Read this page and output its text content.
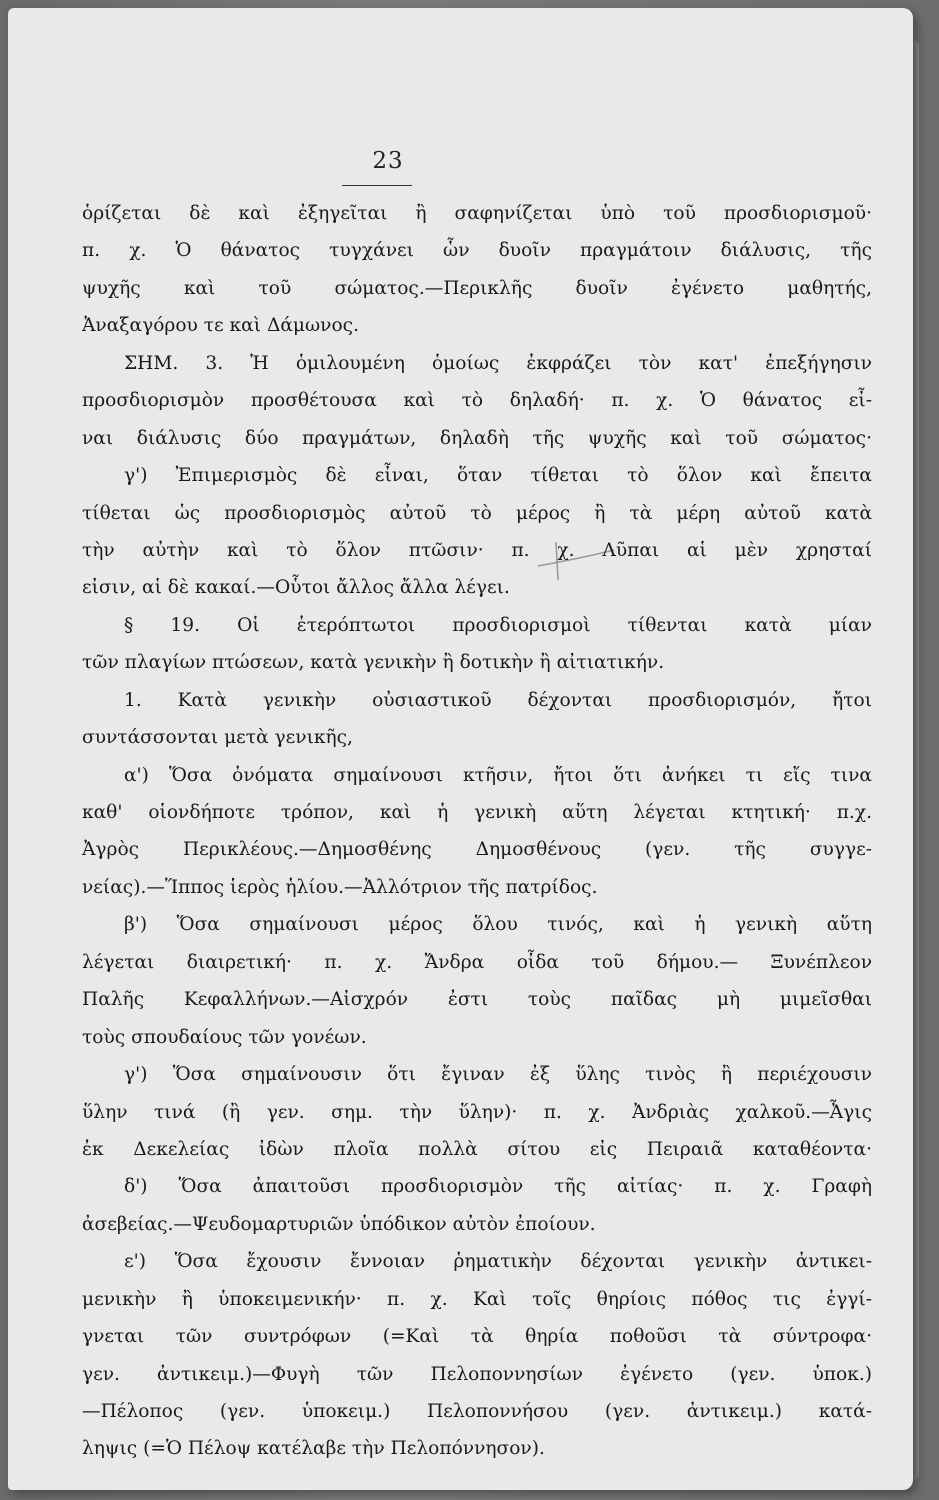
23
ὁρίζεται δὲ καὶ ἐξηγεῖται ἢ σαφηνίζεται ὑπὸ τοῦ προσδιορισμοῦ·
π. χ. Ὁ θάνατος τυγχάνει ὧν δυοῖν πραγμάτοιν διάλυσις, τῆς
ψυχῆς καὶ τοῦ σώματος.—Περικλῆς δυοῖν ἐγένετο μαθητής,
Ἀναξαγόρου τε καὶ Δάμωνος.
ΣΗΜ. 3. Ἡ ὁμιλουμένη ὁμοίως ἐκφράζει τὸν κατ' ἐπεξήγησιν
προσδιορισμὸν προσθέτουσα καὶ τὸ δηλαδή· π. χ. Ὁ θάνατος εἶ-
ναι διάλυσις δύο πραγμάτων, δηλαδὴ τῆς ψυχῆς καὶ τοῦ σώματος·
γ') Ἐπιμερισμὸς δὲ εἶναι, ὅταν τίθεται τὸ ὅλον καὶ ἔπειτα
τίθεται ὡς προσδιορισμὸς αὐτοῦ τὸ μέρος ἢ τὰ μέρη αὐτοῦ κατὰ
τὴν αὐτὴν καὶ τὸ ὅλον πτῶσιν· π. χ. Λῦπαι αἱ μὲν χρησταί
εἰσιν, αἱ δὲ κακαί.—Οὗτοι ἄλλος ἄλλα λέγει.
§ 19. Οἱ ἑτερόπτωτοι προσδιορισμοὶ τίθενται κατὰ μίαν
τῶν πλαγίων πτώσεων, κατὰ γενικὴν ἢ δοτικὴν ἢ αἰτιατικήν.
1. Κατὰ γενικὴν οὐσιαστικοῦ δέχονται προσδιορισμόν, ἤτοι
συντάσσονται μετὰ γενικῆς,
α') Ὅσα ὀνόματα σημαίνουσι κτῆσιν, ἤτοι ὅτι ἀνήκει τι εἴς τινα
καθ' οἱονδήποτε τρόπον, καὶ ἡ γενικὴ αὕτη λέγεται κτητική· π.χ.
Ἀγρὸς Περικλέους.—Δημοσθένης Δημοσθένους (γεν. τῆς συγγε-
νείας).—Ἵππος ἱερὸς ἡλίου.—Ἀλλότριον τῆς πατρίδος.
β') Ὅσα σημαίνουσι μέρος ὅλου τινός, καὶ ἡ γενικὴ αὕτη
λέγεται διαιρετική· π. χ. Ἄνδρα οἶδα τοῦ δήμου.— Ξυνέπλεον
Παλῆς Κεφαλλήνων.—Αἰσχρόν ἐστι τοὺς παῖδας μὴ μιμεῖσθαι
τοὺς σπουδαίους τῶν γονέων.
γ') Ὅσα σημαίνουσιν ὅτι ἔγιναν ἐξ ὕλης τινὸς ἢ περιέχουσιν
ὕλην τινά (ἢ γεν. σημ. τὴν ὕλην)· π. χ. Ἀνδριὰς χαλκοῦ.—Ἆγις
ἐκ Δεκελείας ἰδὼν πλοῖα πολλὰ σίτου εἰς Πειραιᾶ καταθέοντα·
δ') Ὅσα ἀπαιτοῦσι προσδιορισμὸν τῆς αἰτίας· π. χ. Γραφὴ
ἀσεβείας.—Ψευδομαρτυριῶν ὑπόδικον αὐτὸν ἐποίουν.
ε') Ὅσα ἔχουσιν ἔννοιαν ῥηματικὴν δέχονται γενικὴν ἀντικει-
μενικὴν ἢ ὑποκειμενικήν· π. χ. Καὶ τοῖς θηρίοις πόθος τις ἐγγί-
γνεται τῶν συντρόφων (=Καὶ τὰ θηρία ποθοῦσι τὰ σύντροφα·
γεν. ἀντικειμ.)—Φυγὴ τῶν Πελοποννησίων ἐγένετο (γεν. ὑποκ.)
—Πέλοπος (γεν. ὑποκειμ.) Πελοποννήσου (γεν. ἀντικειμ.) κατά-
ληψις (=Ὁ Πέλοψ κατέλαβε τὴν Πελοπόννησον).
